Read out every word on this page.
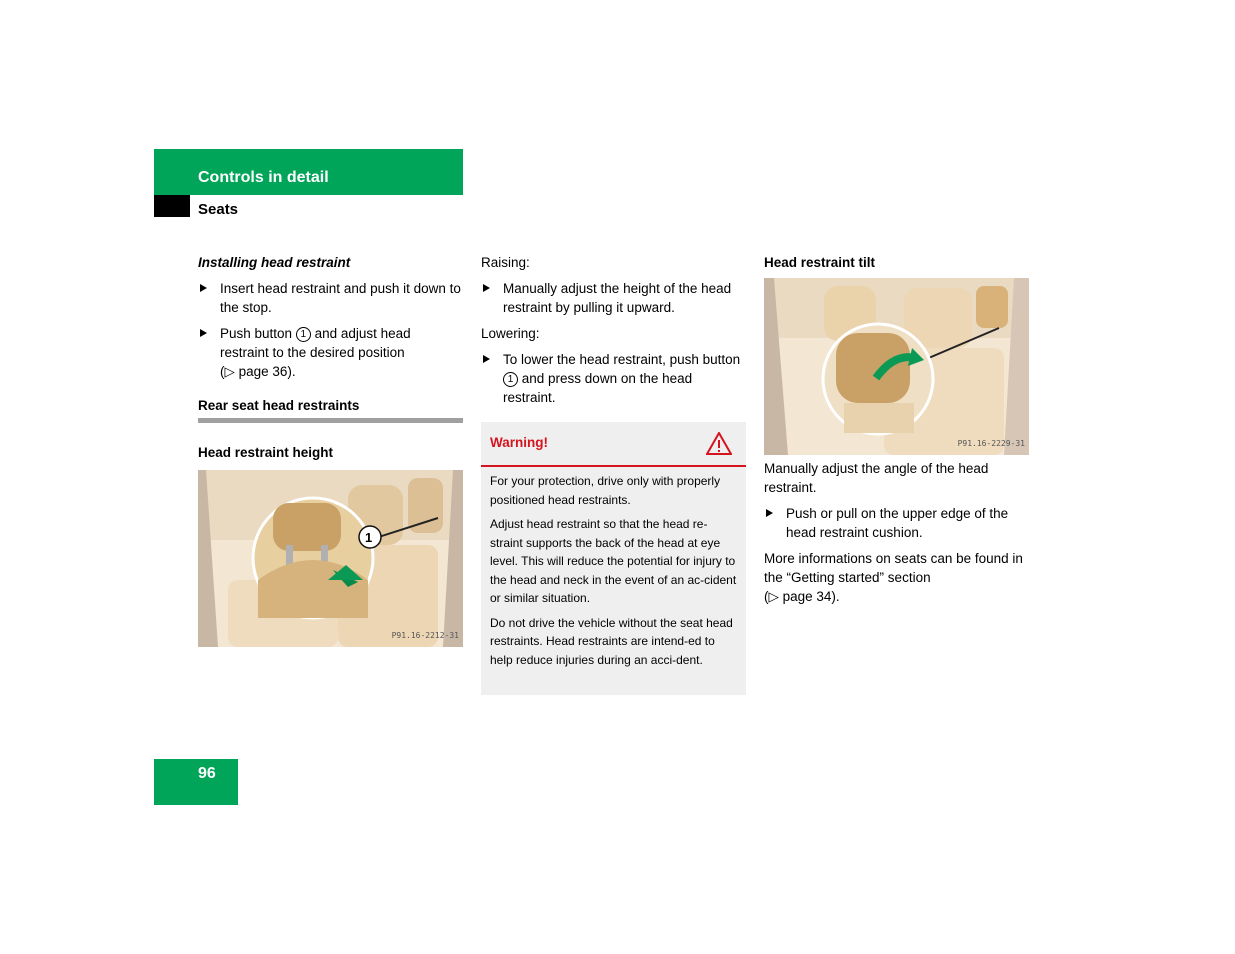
Controls in detail
Seats
Installing head restraint
Insert head restraint and push it down to the stop.
Push button 1 and adjust head restraint to the desired position
(▷ page 36).
Rear seat head restraints
Head restraint height
1
P91.16-2212-31

Raising:

Manually adjust the height of the head restraint by pulling it upward.

Lowering:

To lower the head restraint, push button 1 and press down on the head restraint.
Warning!

For your protection, drive only with properly positioned head restraints.

Adjust head restraint so that the head re-straint supports the back of the head at eye level. This will reduce the potential for injury to the head and neck in the event of an ac-cident or similar situation.

Do not drive the vehicle without the seat head restraints. Head restraints are intend-ed to help reduce injuries during an acci-dent.

Head restraint tilt
P91.16-2229-31

Manually adjust the angle of the head restraint.

Push or pull on the upper edge of the head restraint cushion.
More informations on seats can be found in the “Getting started” section
(▷ page 34).
96
